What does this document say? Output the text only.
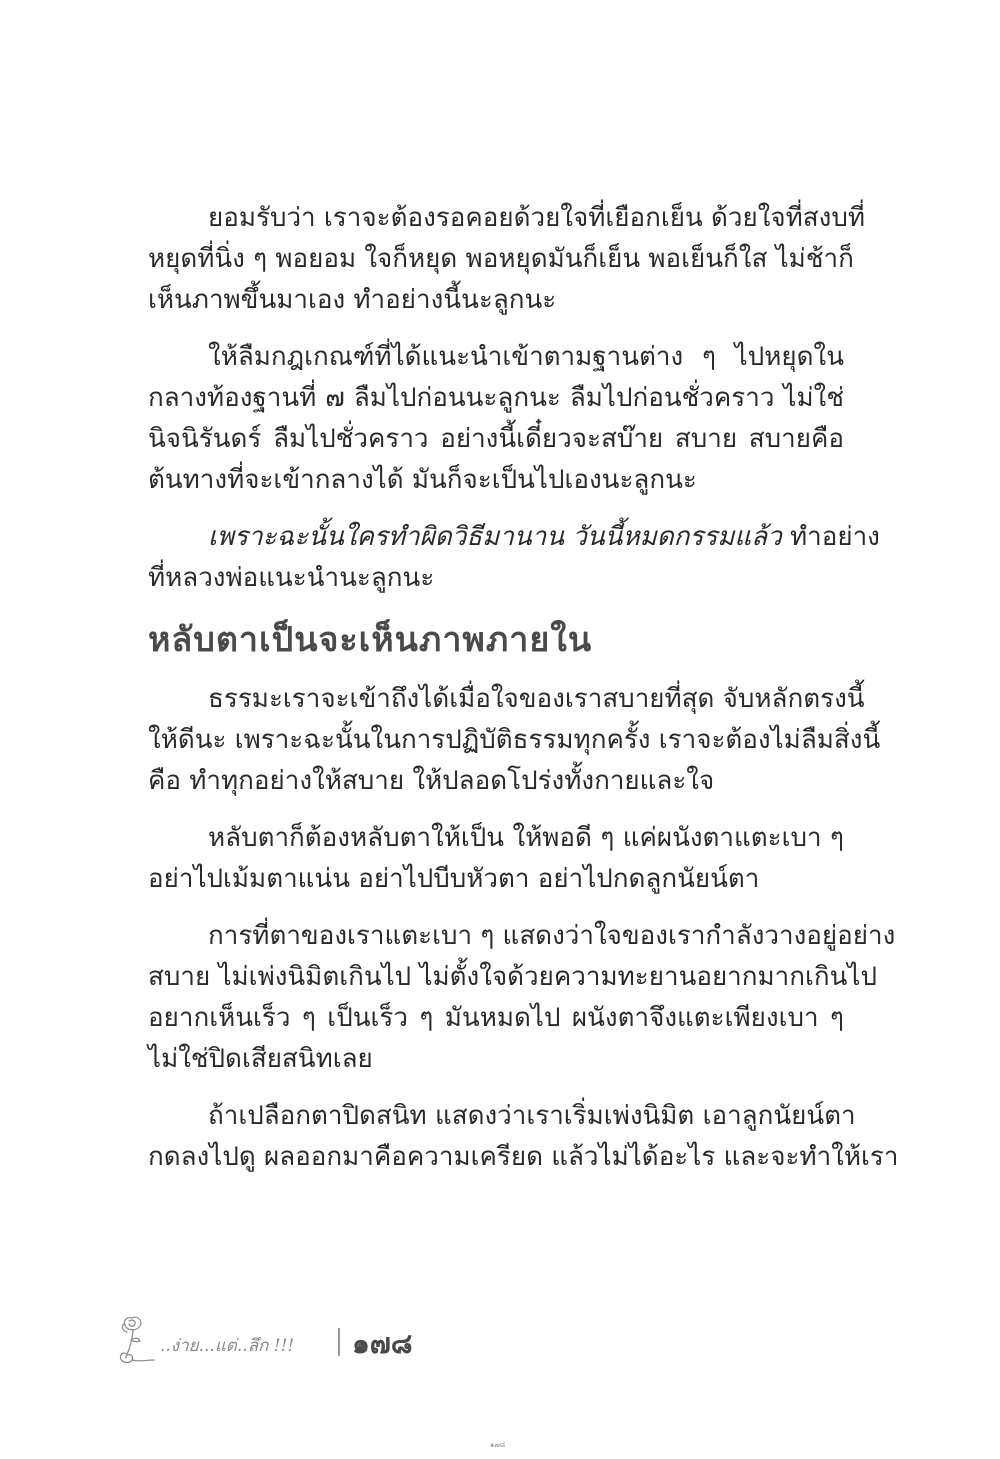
ยอมรับว่า เราจะต้องรอคอยด้วยใจที่เยือกเย็น ด้วยใจที่สงบที่
หยุดที่นิ่ง ๆ พอยอม ใจก็หยุด พอหยุดมันก็เย็น พอเย็นก็ใส ไม่ช้าก็
เห็นภาพขึ้นมาเอง ทำอย่างนี้นะลูกนะ

ให้ลืมกฎเกณฑ์ที่ได้แนะนำเข้าตามฐานต่าง ๆ ไปหยุดใน
กลางท้องฐานที่ ๗ ลืมไปก่อนนะลูกนะ ลืมไปก่อนชั่วคราว ไม่ใช่
นิจนิรันดร์ ลืมไปชั่วคราว อย่างนี้เดี๋ยวจะสบ๊าย สบาย สบายคือ
ต้นทางที่จะเข้ากลางได้ มันก็จะเป็นไปเองนะลูกนะ

เพราะฉะนั้นใครทำผิดวิธีมานาน วันนี้หมดกรรมแล้ว ทำอย่าง
ที่หลวงพ่อแนะนำนะลูกนะ

หลับตาเป็นจะเห็นภาพภายใน

ธรรมะเราจะเข้าถึงได้เมื่อใจของเราสบายที่สุด จับหลักตรงนี้
ให้ดีนะ เพราะฉะนั้นในการปฏิบัติธรรมทุกครั้ง เราจะต้องไม่ลืมสิ่งนี้
คือ ทำทุกอย่างให้สบาย ให้ปลอดโปร่งทั้งกายและใจ

หลับตาก็ต้องหลับตาให้เป็น ให้พอดี ๆ แค่ผนังตาแตะเบา ๆ
อย่าไปเม้มตาแน่น อย่าไปบีบหัวตา อย่าไปกดลูกนัยน์ตา

การที่ตาของเราแตะเบา ๆ แสดงว่าใจของเรากำลังวางอยู่อย่าง
สบาย ไม่เพ่งนิมิตเกินไป ไม่ตั้งใจด้วยความทะยานอยากมากเกินไป
อยากเห็นเร็ว ๆ เป็นเร็ว ๆ มันหมดไป ผนังตาจึงแตะเพียงเบา ๆ
ไม่ใช่ปิดเสียสนิทเลย

ถ้าเปลือกตาปิดสนิท แสดงว่าเราเริ่มเพ่งนิมิต เอาลูกนัยน์ตา
กดลงไปดู ผลออกมาคือความเครียด แล้วไม่ได้อะไร และจะทำให้เรา

..ง่าย...แต่..ลึก !!! ๑๗๘
๑๗๘
